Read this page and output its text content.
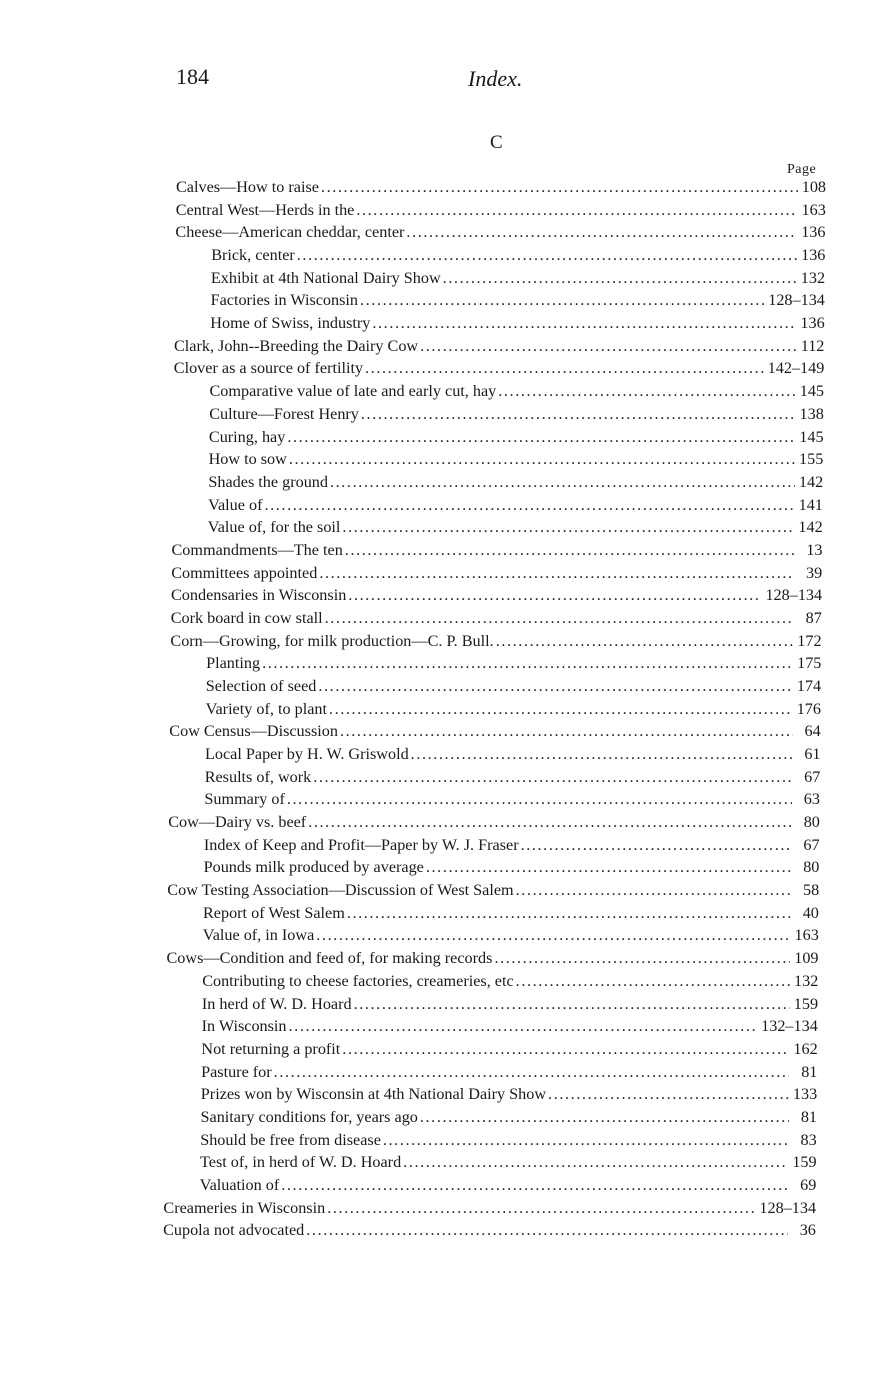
184	Index.
C
Page
Calves—How to raise .....	108
Central West—Herds in the .....	163
Cheese—American cheddar, center .....	136
Brick, center .....	136
Exhibit at 4th National Dairy Show .....	132
Factories in Wisconsin .....	128–134
Home of Swiss, industry .....	136
Clark, John--Breeding the Dairy Cow .....	112
Clover as a source of fertility .....	142–149
Comparative value of late and early cut, hay .....	145
Culture—Forest Henry .....	138
Curing, hay .....	145
How to sow .....	155
Shades the ground .....	142
Value of .....	141
Value of, for the soil .....	142
Commandments—The ten .....	13
Committees appointed .....	39
Condensaries in Wisconsin .....	128–134
Cork board in cow stall .....	87
Corn—Growing, for milk production—C. P. Bull. .....	172
Planting .....	175
Selection of seed .....	174
Variety of, to plant .....	176
Cow Census—Discussion .....	64
Local Paper by H. W. Griswold .....	61
Results of, work .....	67
Summary of .....	63
Cow—Dairy vs. beef .....	80
Index of Keep and Profit—Paper by W. J. Fraser .....	67
Pounds milk produced by average .....	80
Cow Testing Association—Discussion of West Salem .....	58
Report of West Salem .....	40
Value of, in Iowa .....	163
Cows—Condition and feed of, for making records .....	109
Contributing to cheese factories, creameries, etc .....	132
In herd of W. D. Hoard .....	159
In Wisconsin .....	132–134
Not returning a profit .....	162
Pasture for .....	81
Prizes won by Wisconsin at 4th National Dairy Show .....	133
Sanitary conditions for, years ago .....	81
Should be free from disease .....	83
Test of, in herd of W. D. Hoard .....	159
Valuation of .....	69
Creameries in Wisconsin .....	128–134
Cupola not advocated .....	36
